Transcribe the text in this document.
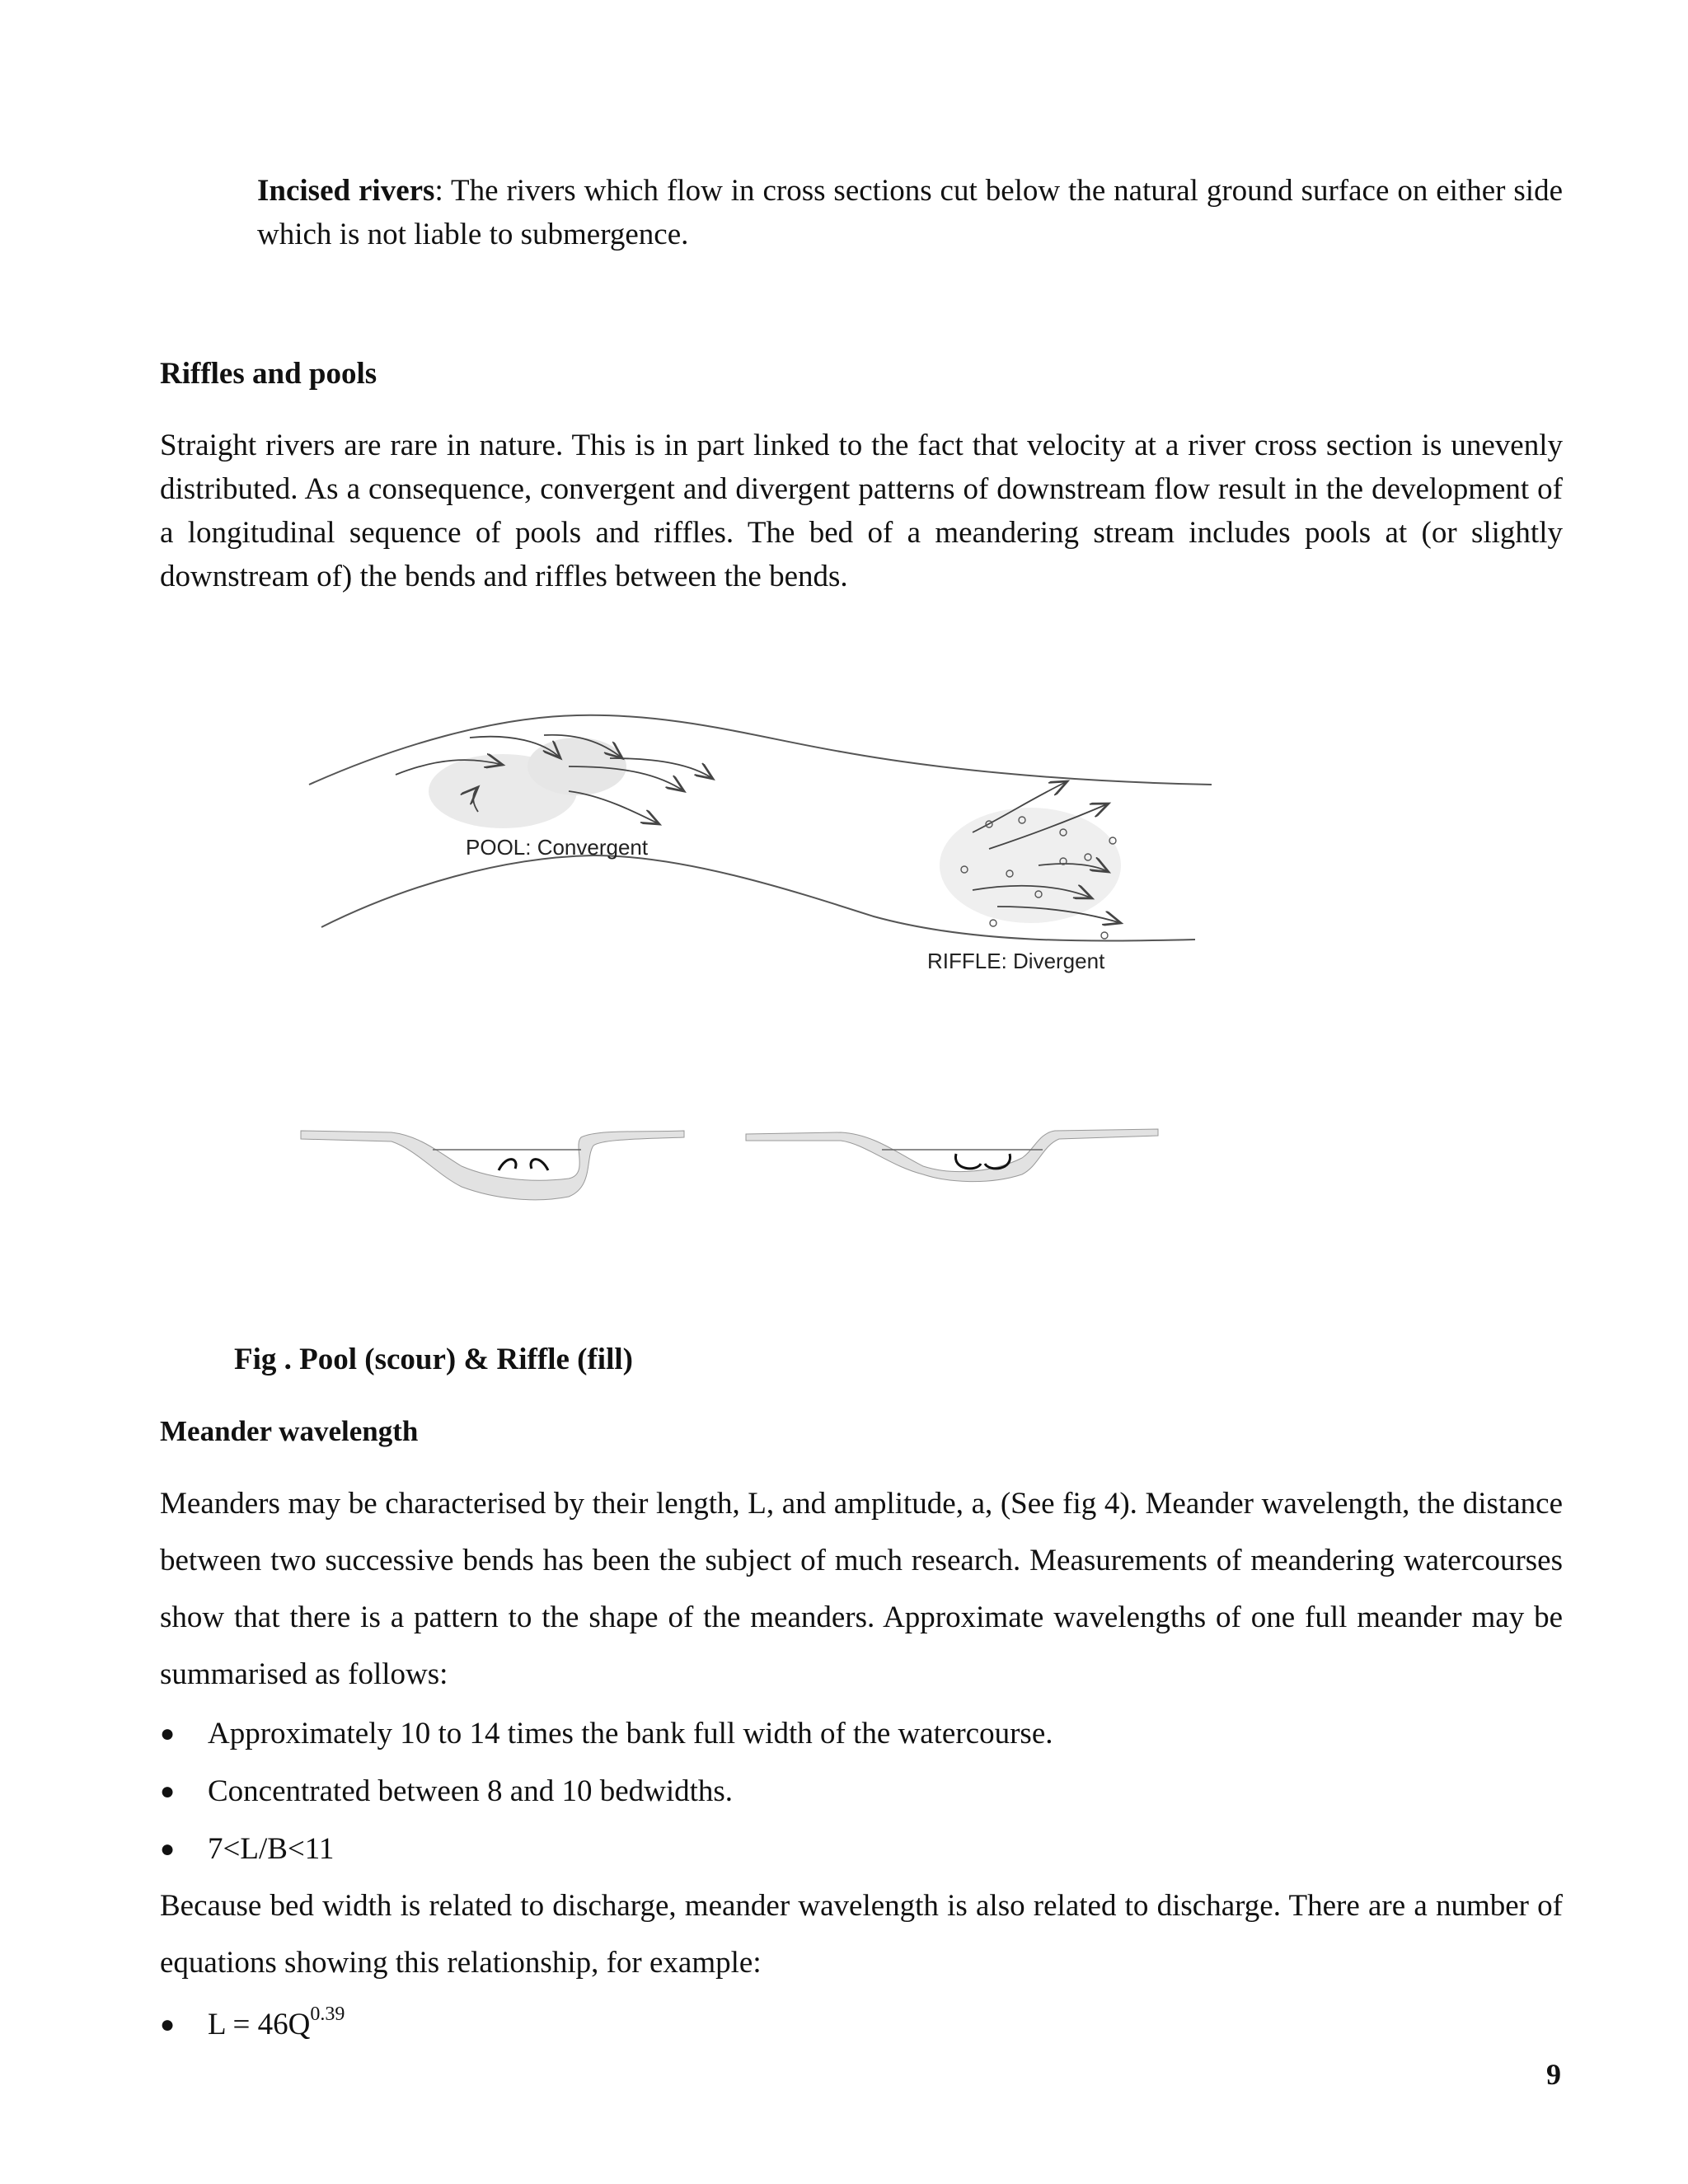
Incised rivers: The rivers which flow in cross sections cut below the natural ground surface on either side which is not liable to submergence.
Riffles and pools
Straight rivers are rare in nature. This is in part linked to the fact that velocity at a river cross section is unevenly distributed. As a consequence, convergent and divergent patterns of downstream flow result in the development of a longitudinal sequence of pools and riffles. The bed of a meandering stream includes pools at (or slightly downstream of) the bends and riffles between the bends.
POOL: Convergent
RIFFLE: Divergent
Fig . Pool (scour) & Riffle (fill)
Meander wavelength
Meanders may be characterised by their length, L, and amplitude, a, (See fig 4). Meander wavelength, the distance between two successive bends has been the subject of much research. Measurements of meandering watercourses show that there is a pattern to the shape of the meanders. Approximate wavelengths of one full meander may be summarised as follows:
● Approximately 10 to 14 times the bank full width of the watercourse.
● Concentrated between 8 and 10 bedwidths.
● 7<L/B<11
Because bed width is related to discharge, meander wavelength is also related to discharge. There are a number of equations showing this relationship, for example:
● $L = 46Q^{0.39}$
9
